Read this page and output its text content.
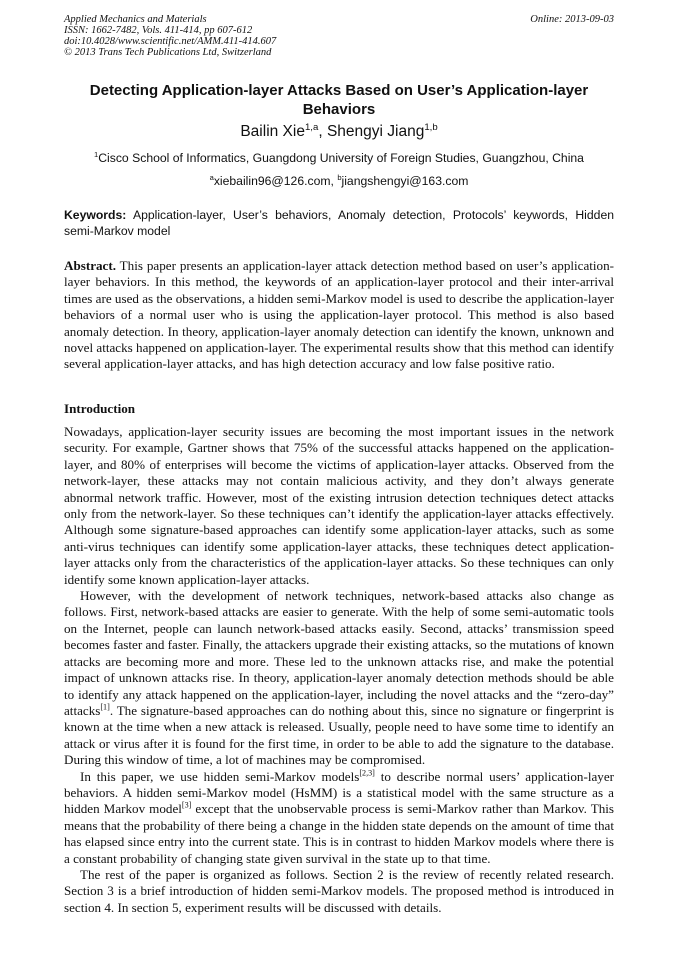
Applied Mechanics and Materials
ISSN: 1662-7482, Vols. 411-414, pp 607-612
doi:10.4028/www.scientific.net/AMM.411-414.607
© 2013 Trans Tech Publications Ltd, Switzerland
Online: 2013-09-03
Detecting Application-layer Attacks Based on User’s Application-layer Behaviors
Bailin Xie$^{1,a}$, Shengyi Jiang$^{1,b}$
$^1$Cisco School of Informatics, Guangdong University of Foreign Studies, Guangzhou, China
$^a$xiebailin96@126.com, $^b$jiangshengyi@163.com
Keywords: Application-layer, User’s behaviors, Anomaly detection, Protocols’ keywords, Hidden semi-Markov model
Abstract. This paper presents an application-layer attack detection method based on user’s application-layer behaviors. In this method, the keywords of an application-layer protocol and their inter-arrival times are used as the observations, a hidden semi-Markov model is used to describe the application-layer behaviors of a normal user who is using the application-layer protocol. This method is also based anomaly detection. In theory, application-layer anomaly detection can identify the known, unknown and novel attacks happened on application-layer. The experimental results show that this method can identify several application-layer attacks, and has high detection accuracy and low false positive ratio.
Introduction

Nowadays, application-layer security issues are becoming the most important issues in the network security. For example, Gartner shows that 75% of the successful attacks happened on the application-layer, and 80% of enterprises will become the victims of application-layer attacks. Observed from the network-layer, these attacks may not contain malicious activity, and they don’t always generate abnormal network traffic. However, most of the existing intrusion detection techniques detect attacks only from the network-layer. So these techniques can’t identify the application-layer attacks effectively. Although some signature-based approaches can identify some application-layer attacks, such as some anti-virus techniques can identify some application-layer attacks, these techniques detect application-layer attacks only from the characteristics of the application-layer attacks. So these techniques can only identify some known application-layer attacks.

However, with the development of network techniques, network-based attacks also change as follows. First, network-based attacks are easier to generate. With the help of some semi-automatic tools on the Internet, people can launch network-based attacks easily. Second, attacks’ transmission speed becomes faster and faster. Finally, the attackers upgrade their existing attacks, so the mutations of known attacks are becoming more and more. These led to the unknown attacks rise, and make the potential impact of unknown attacks rise. In theory, application-layer anomaly detection methods should be able to identify any attack happened on the application-layer, including the novel attacks and the “zero-day” attacks[1]. The signature-based approaches can do nothing about this, since no signature or fingerprint is known at the time when a new attack is released. Usually, people need to have some time to identify an attack or virus after it is found for the first time, in order to be able to add the signature to the database. During this window of time, a lot of machines may be compromised.

In this paper, we use hidden semi-Markov models[2,3] to describe normal users’ application-layer behaviors. A hidden semi-Markov model (HsMM) is a statistical model with the same structure as a hidden Markov model[3] except that the unobservable process is semi-Markov rather than Markov. This means that the probability of there being a change in the hidden state depends on the amount of time that has elapsed since entry into the current state. This is in contrast to hidden Markov models where there is a constant probability of changing state given survival in the state up to that time.

The rest of the paper is organized as follows. Section 2 is the review of recently related research. Section 3 is a brief introduction of hidden semi-Markov models. The proposed method is introduced in section 4. In section 5, experiment results will be discussed with details.
